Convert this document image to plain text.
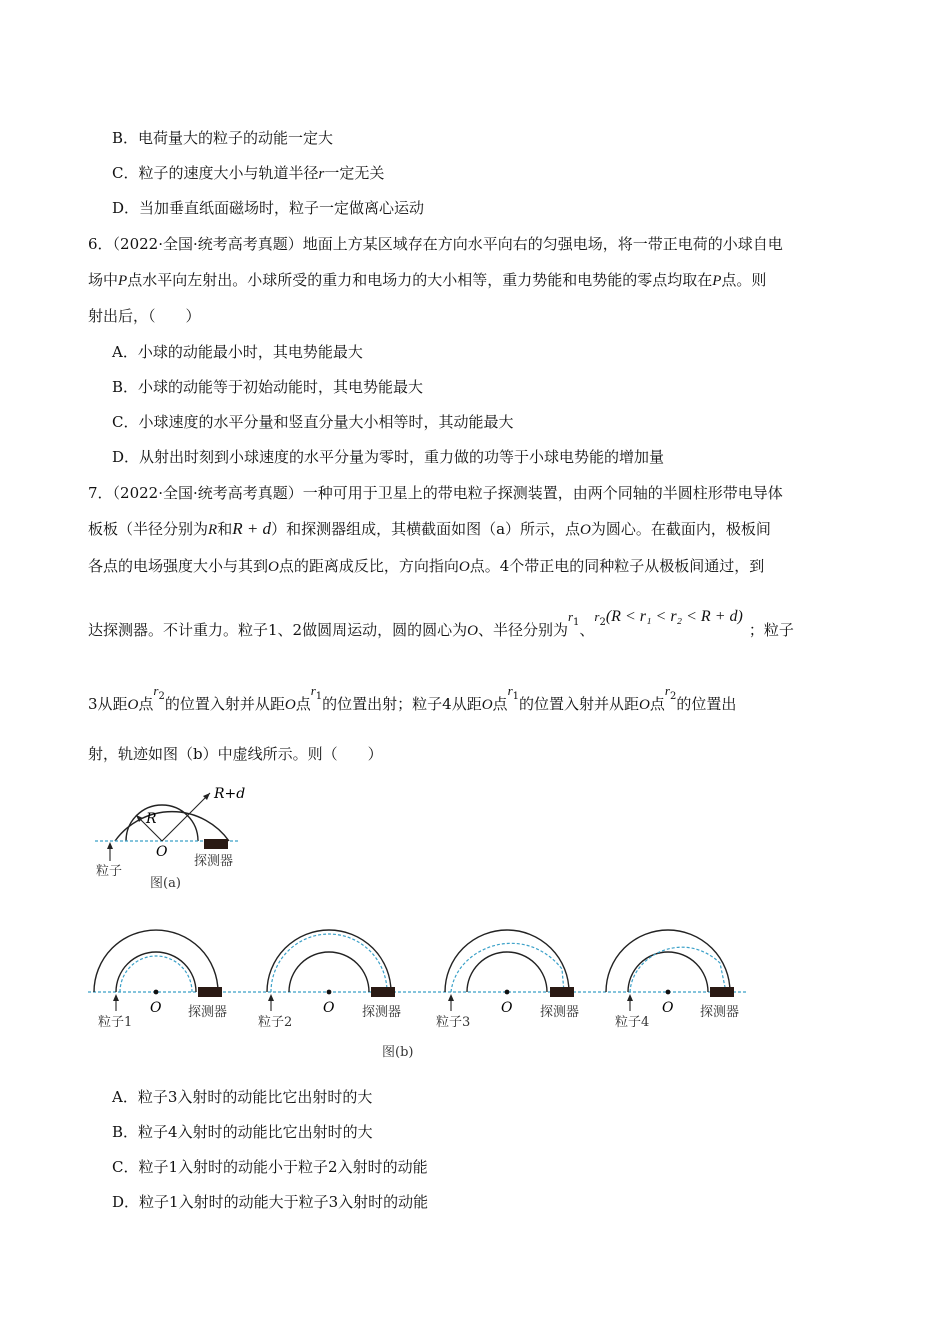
B．电荷量大的粒子的动能一定大
C．粒子的速度大小与轨道半径r一定无关
D．当加垂直纸面磁场时，粒子一定做离心运动
6．（2022·全国·统考高考真题）地面上方某区域存在方向水平向右的匀强电场，将一带正电荷的小球自电
场中P点水平向左射出。小球所受的重力和电场力的大小相等，重力势能和电势能的零点均取在P点。则
射出后，（　　）
A．小球的动能最小时，其电势能最大
B．小球的动能等于初始动能时，其电势能最大
C．小球速度的水平分量和竖直分量大小相等时，其动能最大
D．从射出时刻到小球速度的水平分量为零时，重力做的功等于小球电势能的增加量
7．（2022·全国·统考高考真题）一种可用于卫星上的带电粒子探测装置，由两个同轴的半圆柱形带电导体
板板（半径分别为R和R + d）和探测器组成，其横截面如图（a）所示，点O为圆心。在截面内，极板间
各点的电场强度大小与其到O点的距离成反比，方向指向O点。4个带正电的同种粒子从极板间通过，到
达探测器。不计重力。粒子1、2做圆周运动，圆的圆心为O、半径分别为$r^1$、$r^2(R < r_1 < r_2 < R + d)$；粒子
3从距O点$r^2$的位置入射并从距O点$r^1$的位置出射；粒子4从距O点$r^1$的位置入射并从距O点$r^2$的位置出
射，轨迹如图（b）中虚线所示。则（　　）
R+d
R
O
粒子
探测器
图(a)
O
粒子1
探测器	O
粒子2
探测器	O
粒子3
探测器	O
粒子4
探测器
图(b)
A．粒子3入射时的动能比它出射时的大
B．粒子4入射时的动能比它出射时的大
C．粒子1入射时的动能小于粒子2入射时的动能
D．粒子1入射时的动能大于粒子3入射时的动能
